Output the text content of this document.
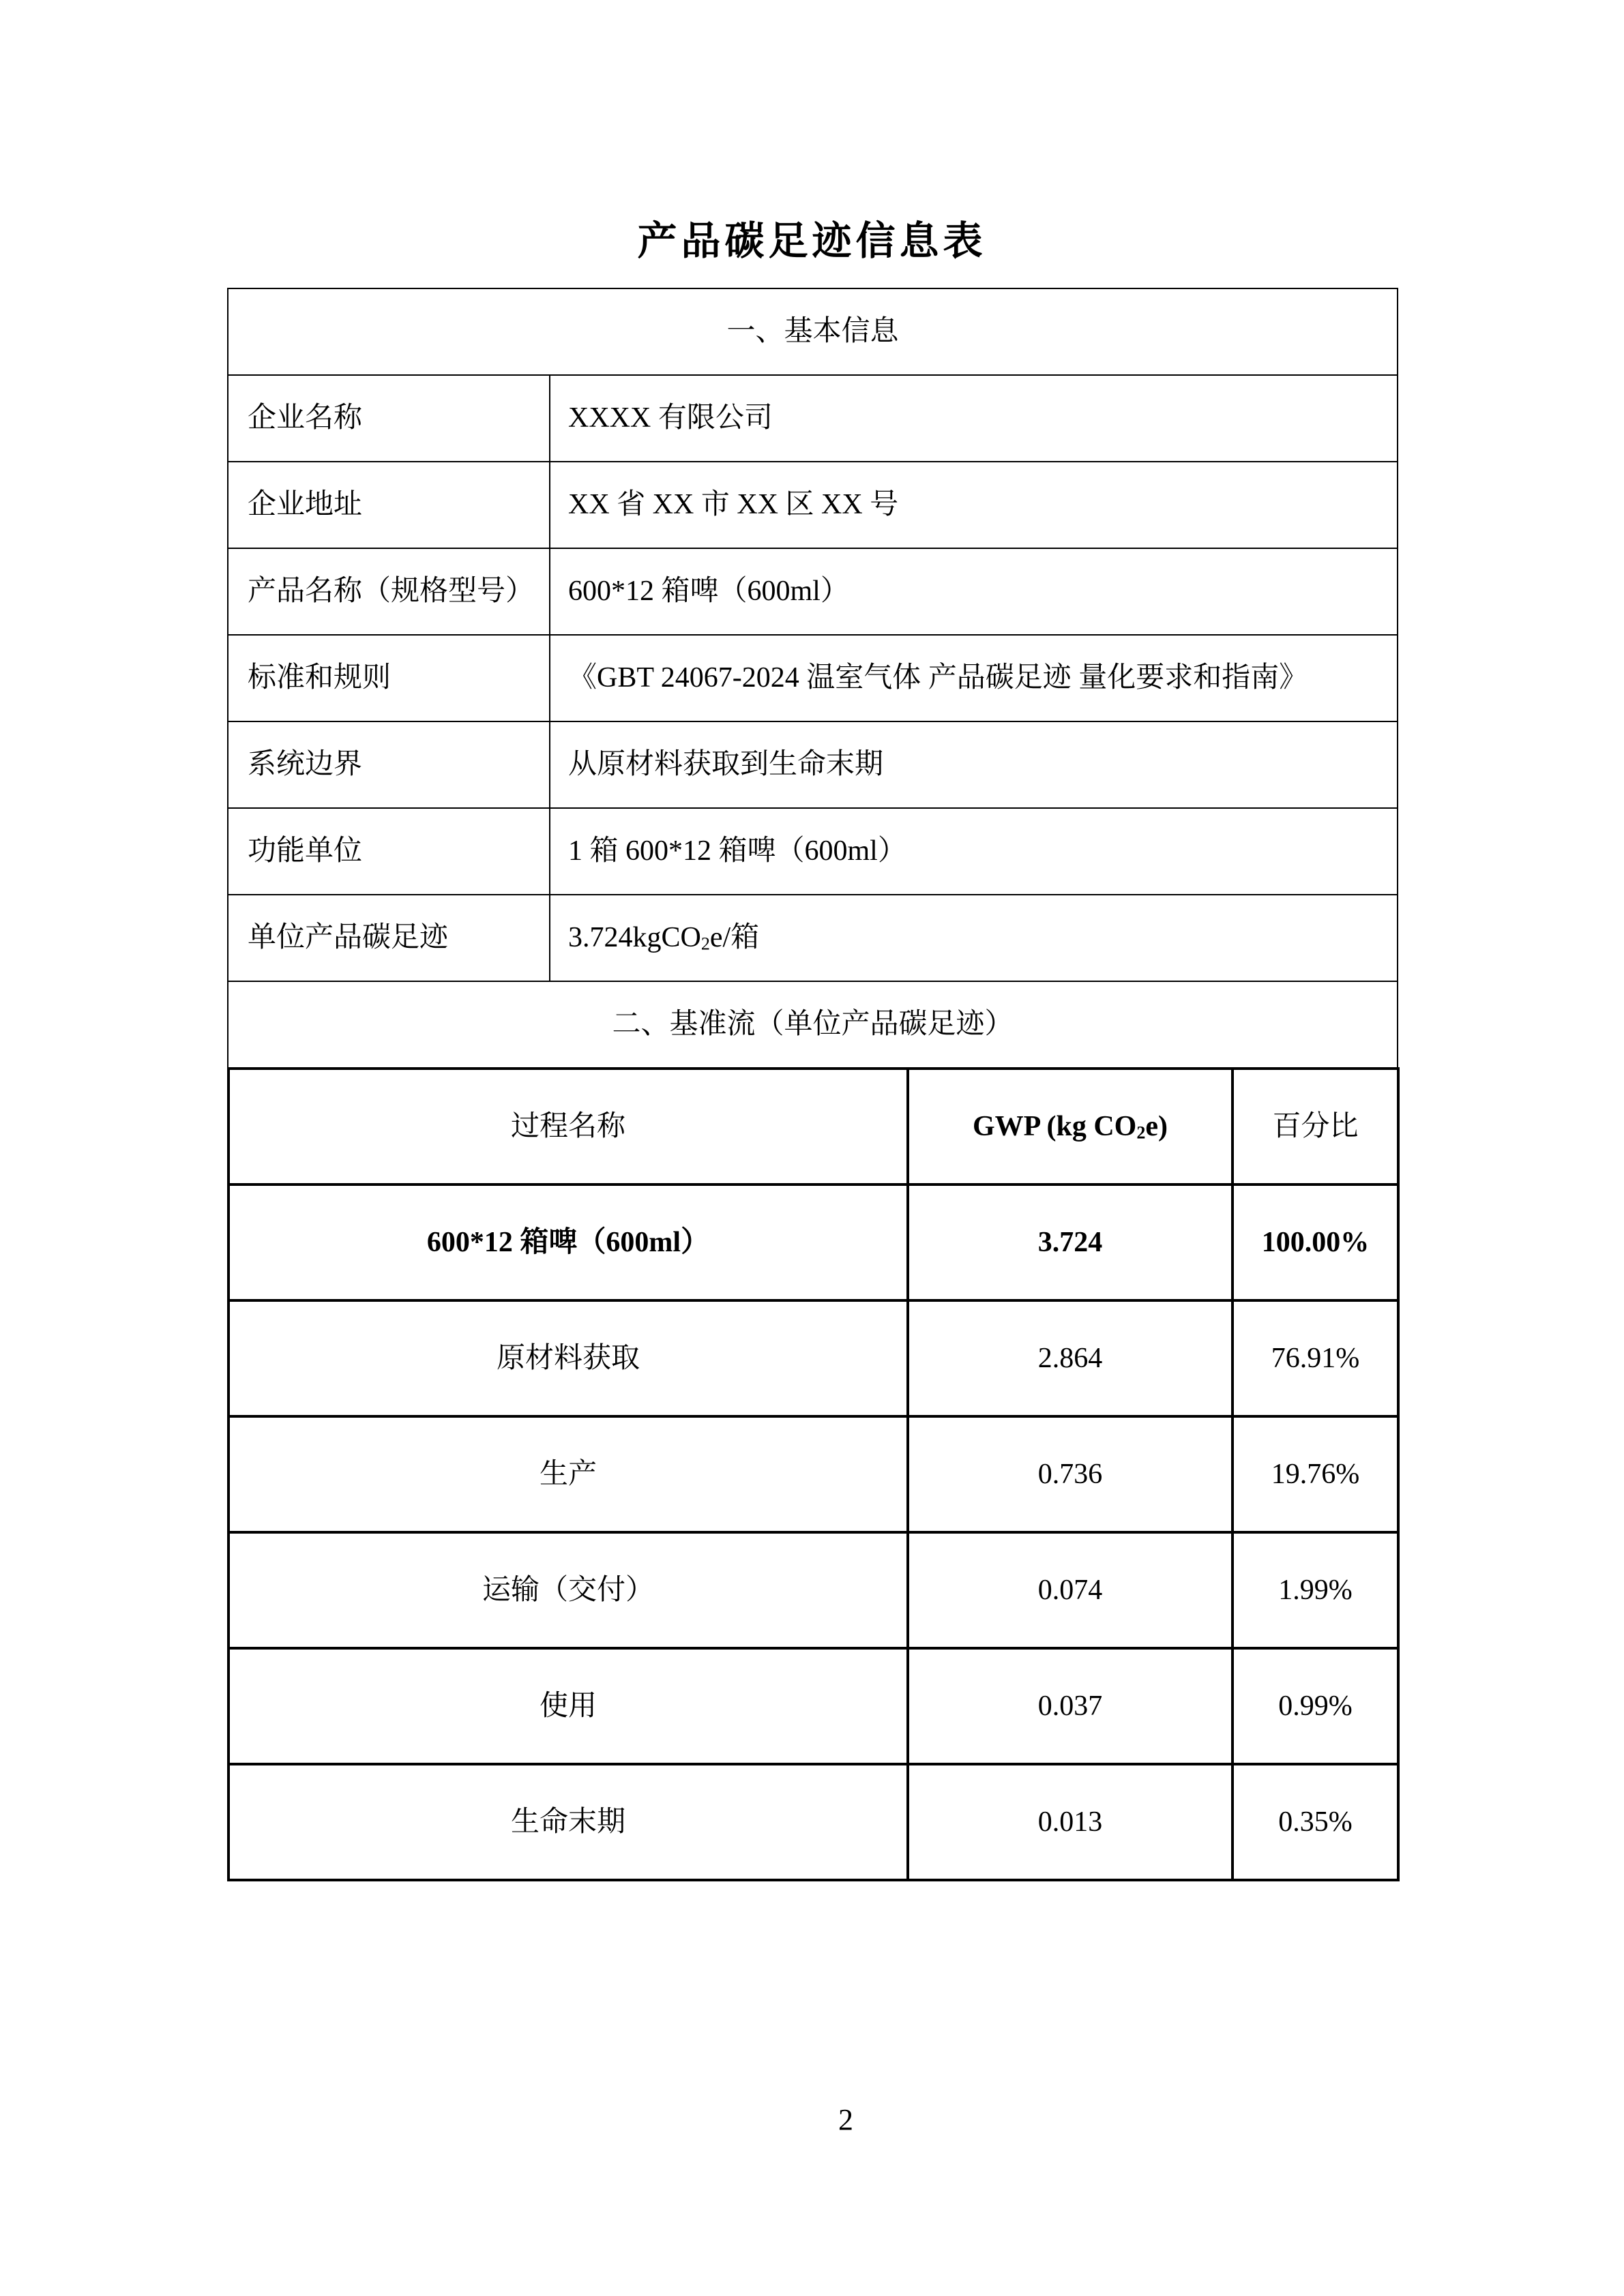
产品碳足迹信息表
一、基本信息	
企业名称	XXXX 有限公司
企业地址	XX 省 XX 市 XX 区 XX 号
产品名称（规格型号）	600*12 箱啤（600ml）
标准和规则	《GBT 24067-2024 温室气体 产品碳足迹 量化要求和指南》
系统边界	从原材料获取到生命末期
功能单位	1 箱 600*12 箱啤（600ml）
单位产品碳足迹	3.724kgCO$_2$e/箱
二、基准流（单位产品碳足迹）	
过程名称	GWP (kg $CO_2e$)	百分比
600*12 箱啤（600ml）	3.724	100.00%
原材料获取	2.864	76.91%
生产	0.736	19.76%
运输（交付）	0.074	1.99%
使用	0.037	0.99%
生命末期	0.013	0.35%
2
